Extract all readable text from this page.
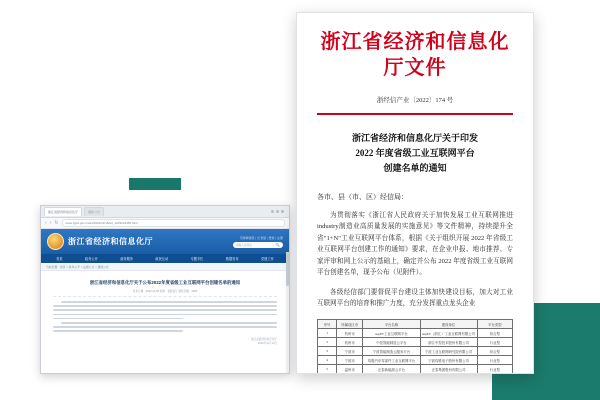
浙江省经济和信息化厅	通知公告
‹ › ↻	www.zjjxw.gov.cn/art/2022/11/18/art_1229123456.html
浙江省经济和信息化厅	无障碍浏览 | 长者版 | 登录 | 注册
请输入关键词	🔍
首页	政务公开	政务服务	政民互动	专题专栏	数据发布	党建工作
当前位置：首页 > 政务公开 > 法规公文 > 通知公告
浙江省经济和信息化厅关于公布2022年度省级工业互联网平台创建名单的通知
发布日期：2022-11-18 来源：省经信厅 浏览次数：1286
浙江省经济和信息化厅
2022年11月10日
浙江省经济和信息化厅文件
浙经信产业〔2022〕174 号
浙江省经济和信息化厅关于印发
2022 年度省级工业互联网平台
创建名单的通知
各市、县（市、区）经信局：
为贯彻落实《浙江省人民政府关于加快发展工业互联网推进industry制造业高质量发展的实施意见》等文件精神，持续提升全省"1+N"工业互联网平台体系，根据《关于组织开展 2022 年省级工业互联网平台创建工作的通知》要求，在企业申报、地市推荐、专家评审和网上公示的基础上，确定并公布 2022 年度省级工业互联网平台创建名单，现予公布（见附件）。
各级经信部门要督促平台建设主体加快建设目标，加大对工业互联网平台的培育和推广力度，充分发挥重点龙头企业
序号	所属设区市	平台名称	建设单位	平台类型
1	杭州市	supET工业互联网平台	supET（浙江）工业互联网有限公司	综合型
2	杭州市	中控智能制造云平台	浙江中控技术股份有限公司	行业型
3	宁波市	宁波智能制造云服务平台	宁波工业互联网研究院有限公司	综合型
4	宁波市	均胜汽车零部件工业互联网平台	宁波均胜电子股份有限公司	行业型
5	温州市	正泰新能源云平台	正泰集团股份有限公司	行业型
